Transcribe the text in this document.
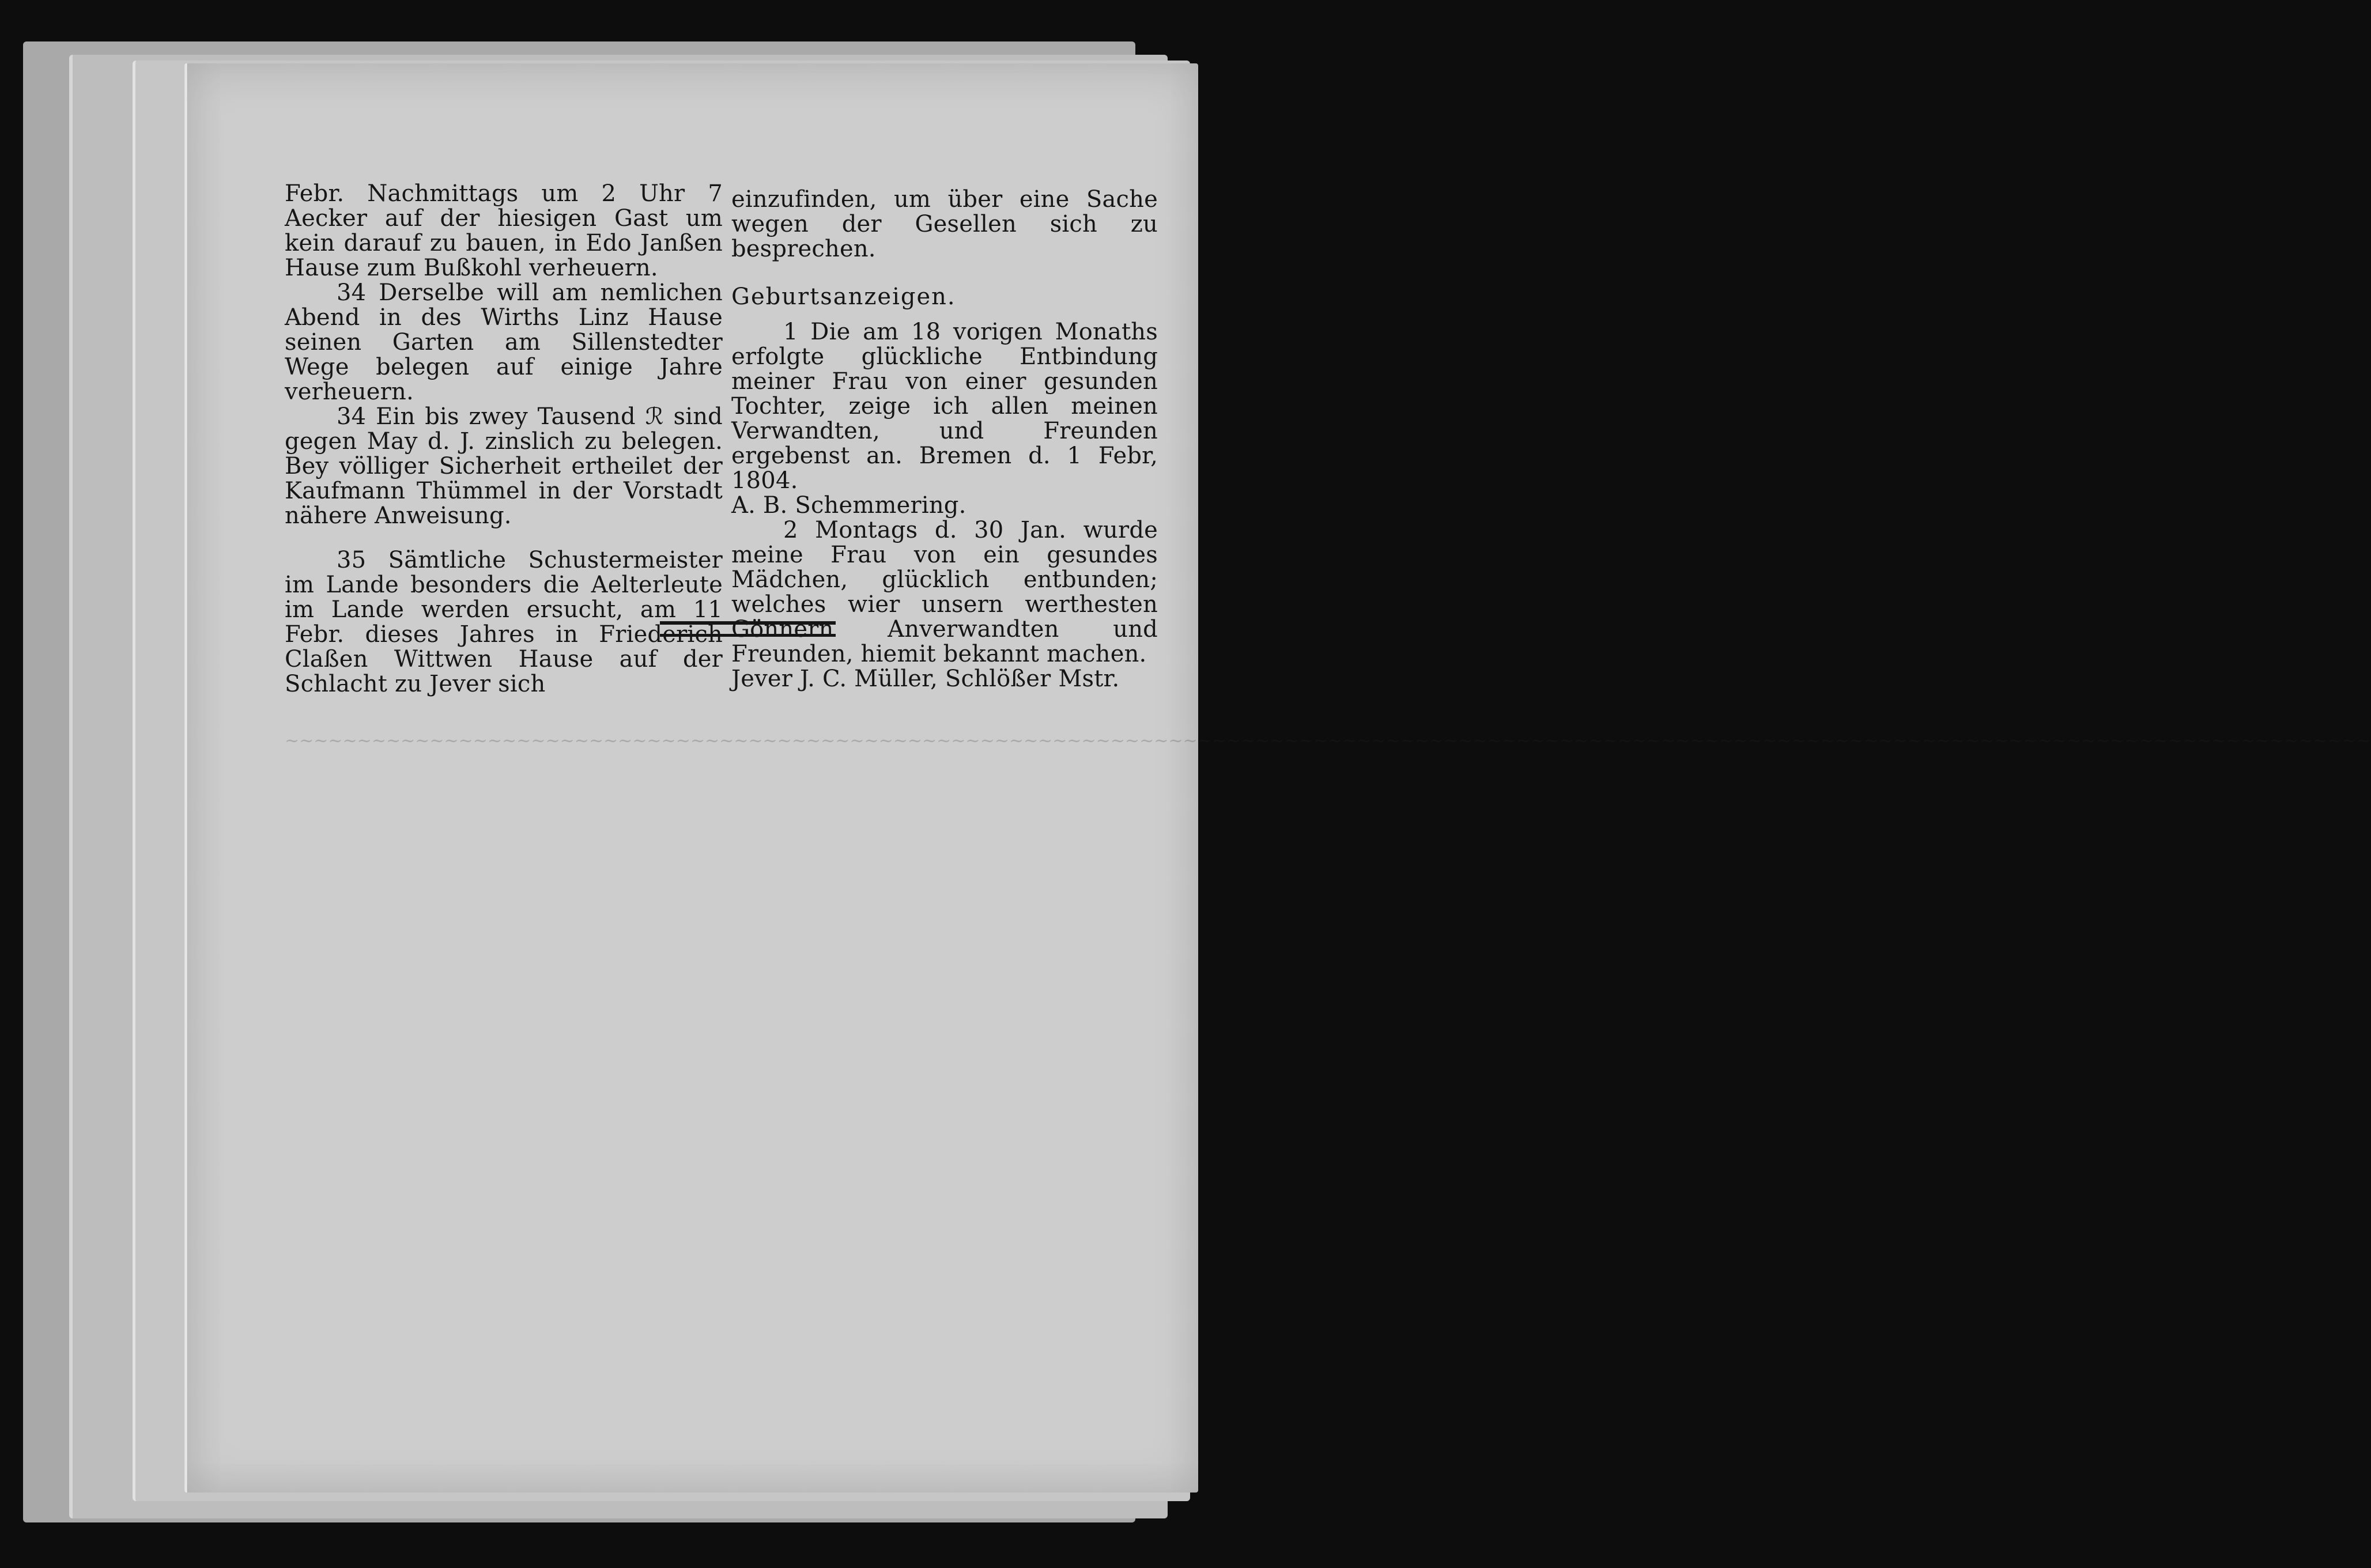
~~~~~~~~~~~~~~~~~~~~~~~~~~~~~~~~~~~~~~~~~~~~~~~~~~~~~~~~~~~~~~~~~~~~~~~~~~~~~~~~~~~~~~~~~~~~~~~~~~~~~~~~~~~~~~~~~~~~~~~~~~~~~~~~~~~~~~~~~~~~~~~~

Febr. Nachmittags um 2 Uhr 7 Aecker auf der hiesigen Gast um kein darauf zu bauen, in Edo Janßen Hause zum Bußkohl verheuern.

34 Derselbe will am nemlichen Abend in des Wirths Linz Hause seinen Garten am Sillenstedter Wege belegen auf einige Jahre verheuern.

34 Ein bis zwey Tausend ℛ sind gegen May d. J. zinslich zu belegen. Bey völliger Sicherheit ertheilet der Kaufmann Thümmel in der Vorstadt nähere Anweisung.

35 Sämtliche Schustermeister im Lande besonders die Aelterleute im Lande werden ersucht, am 11 Febr. dieses Jahres in Friederich Claßen Wittwen Hause auf der Schlacht zu Jever sich

einzufinden, um über eine Sache wegen der Gesellen sich zu besprechen.

Geburtsanzeigen.

1 Die am 18 vorigen Monaths erfolgte glückliche Entbindung meiner Frau von einer gesunden Tochter, zeige ich allen meinen Verwandten, und Freunden ergebenst an. Bremen d. 1 Febr, 1804.

A. B. Schemmering.

2 Montags d. 30 Jan. wurde meine Frau von ein gesundes Mädchen, glücklich entbunden; welches wier unsern werthesten Gönnern Anverwandten und Freunden, hiemit bekannt machen.

Jever J. C. Müller, Schlößer Mstr.
